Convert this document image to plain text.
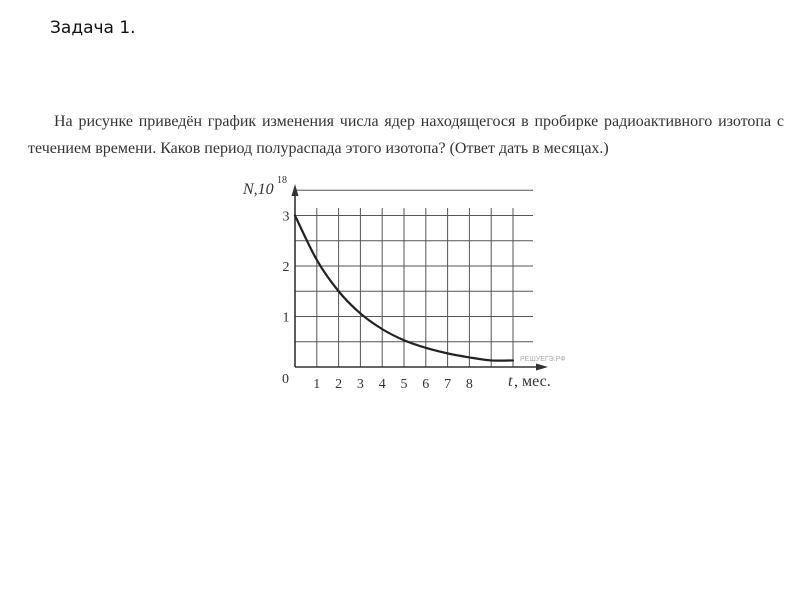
Задача 1.
На рисунке приведён график изменения числа ядер находящегося в пробирке радиоактивного изотопа с течением времени. Каков период полураспада этого изотопа? (Ответ дать в месяцах.)
1 2 3 4 5 6 7 8
1
2
3
N,10
18
t , мес.
0
РЕШУЕГЭ.РФ
